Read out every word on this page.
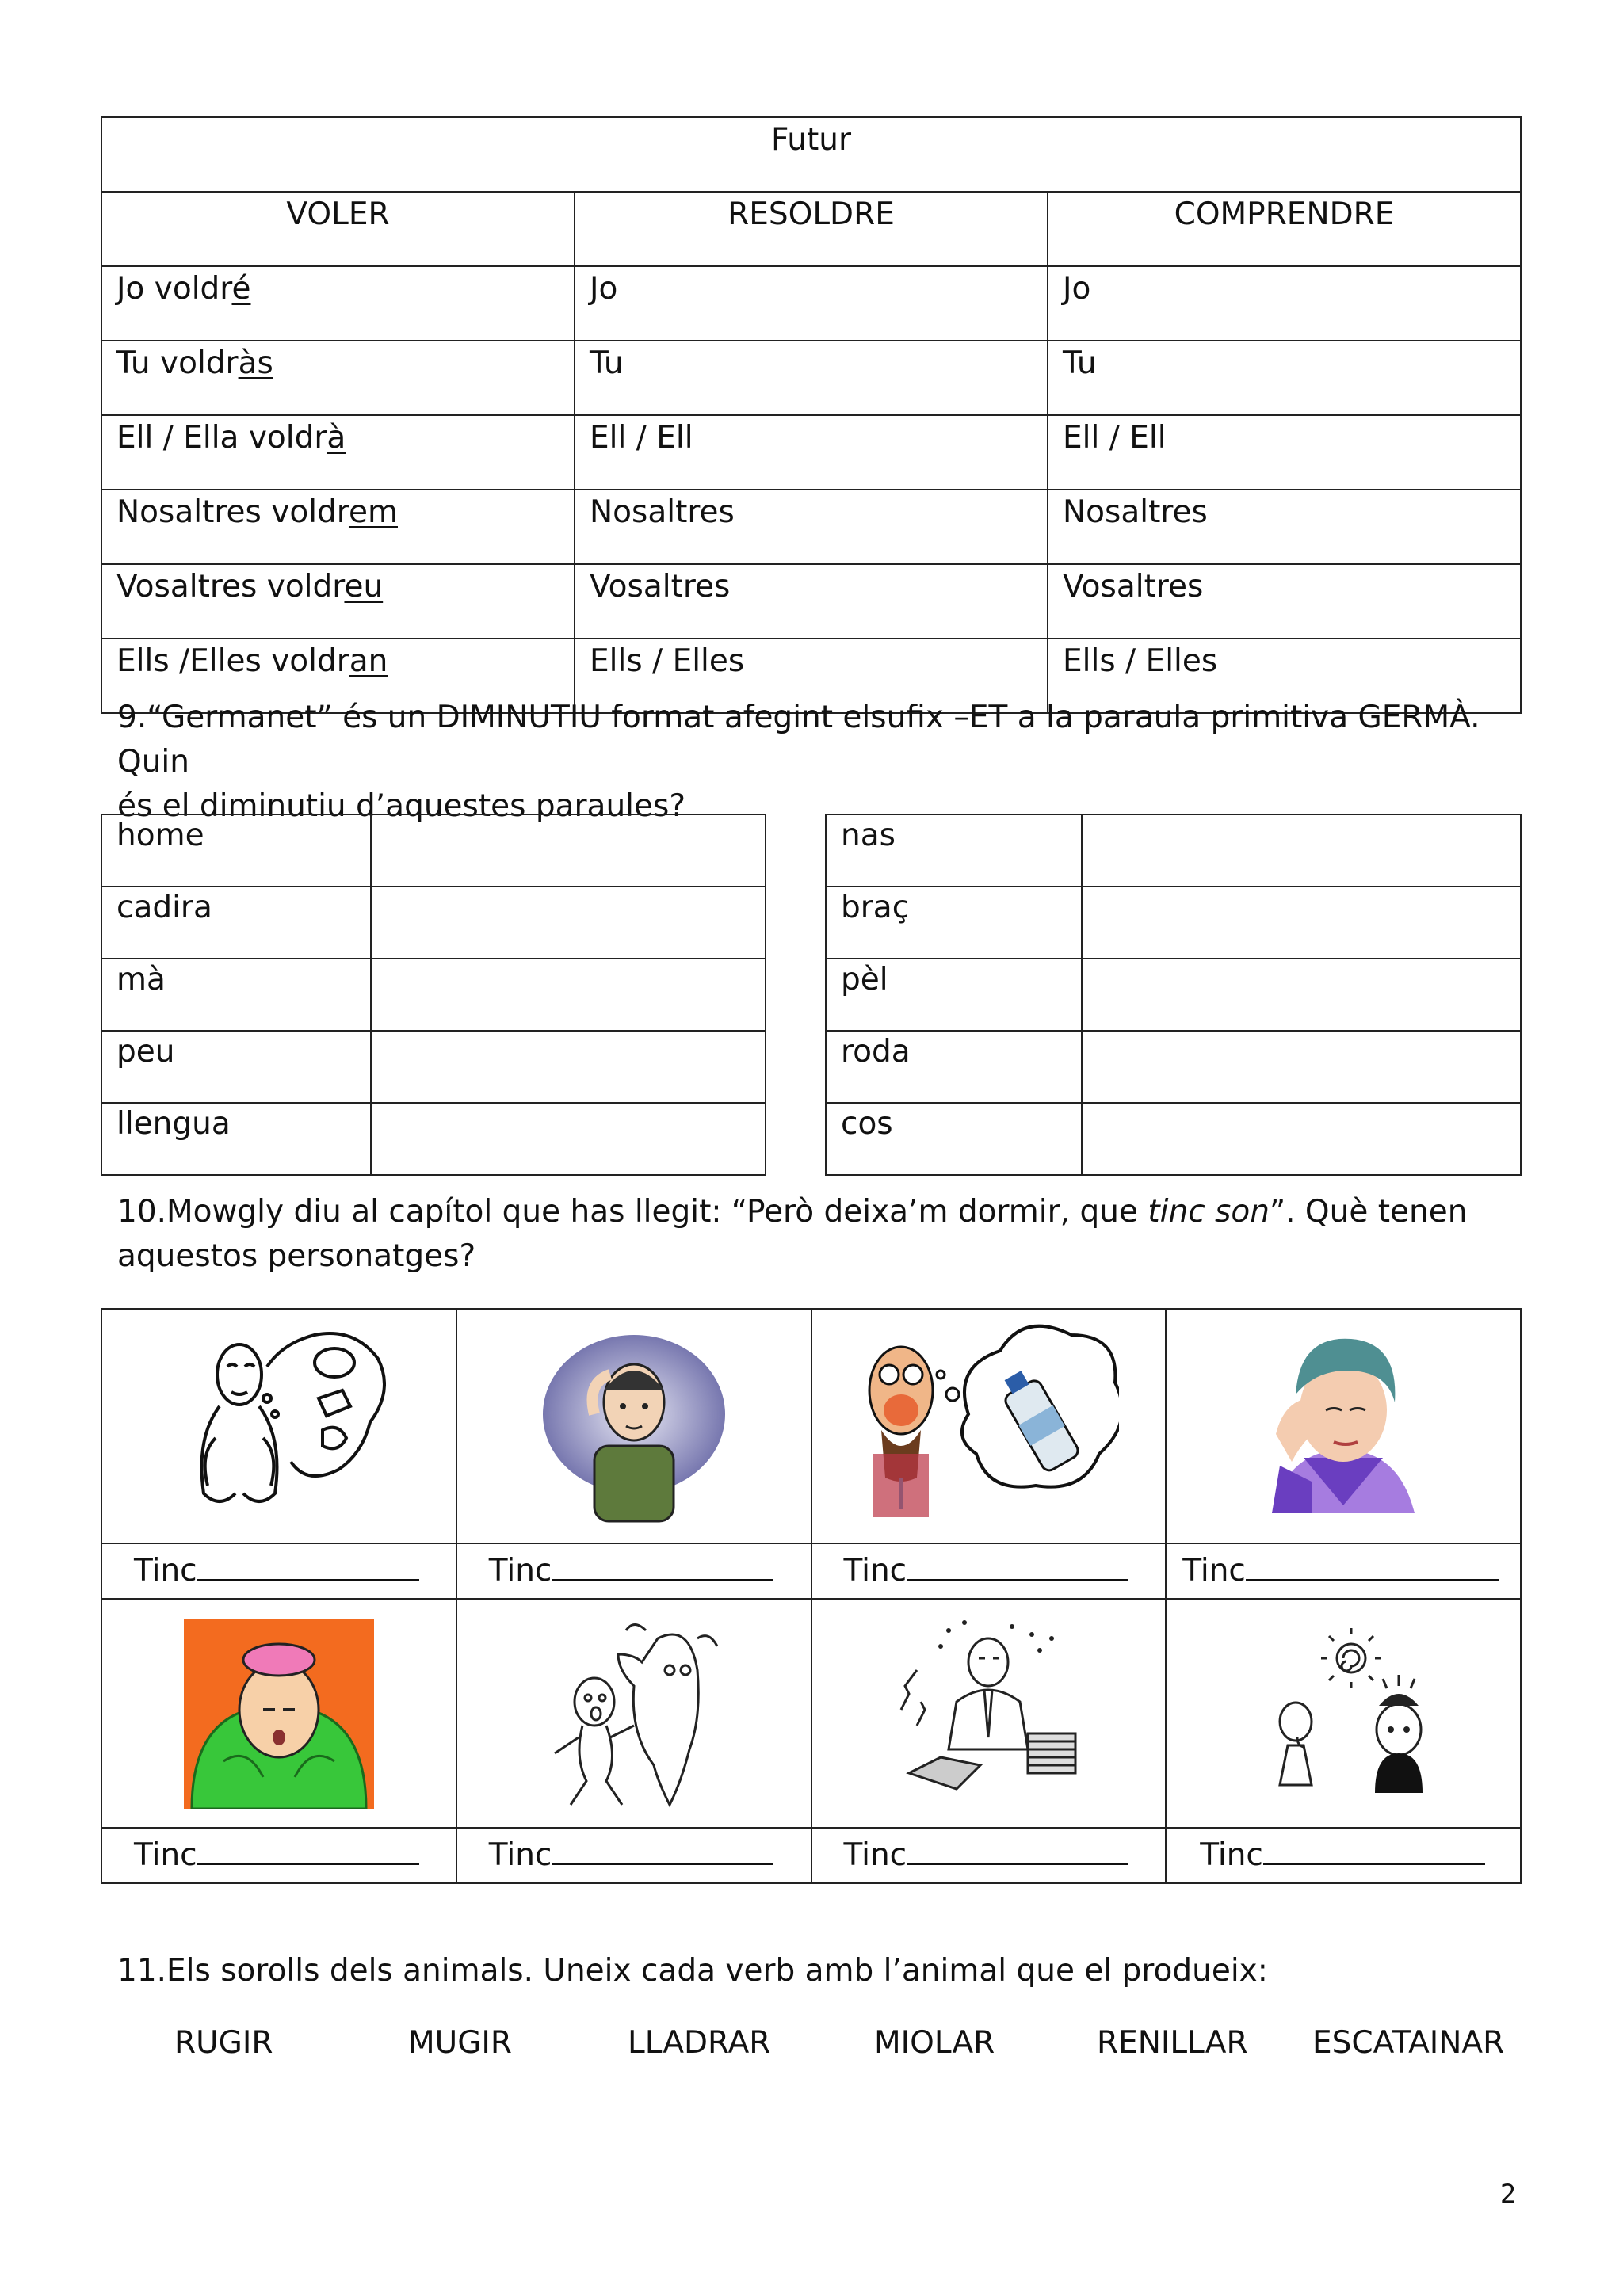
Futur		
VOLER	RESOLDRE	COMPRENDRE
Jo voldré	Jo	Jo
Tu voldràs	Tu	Tu
Ell / Ella voldrà	Ell / Ell	Ell / Ell
Nosaltres voldrem	Nosaltres	Nosaltres
Vosaltres voldreu	Vosaltres	Vosaltres
Ells /Elles voldran	Ells / Elles	Ells / Elles

9.“Germanet” és un DIMINUTIU format afegint elsufix –ET a la paraula primitiva GERMÀ. Quin
és el diminutiu d’aquestes paraules?

home	
cadira	
mà	
peu	
llengua	
nas	
braç	
pèl	
roda	
cos	

10.Mowgly diu al capítol que has llegit: “Però deixa’m dormir, que tinc son”. Què tenen
aquestos personatges?

Tinc	Tinc	Tinc	Tinc

Tinc	Tinc	Tinc	Tinc

11.Els sorolls dels animals. Uneix cada verb amb l’animal que el produeix:

RUGIR	MUGIR	LLADRAR	MIOLAR	RENILLAR ESCATAINAR
2
